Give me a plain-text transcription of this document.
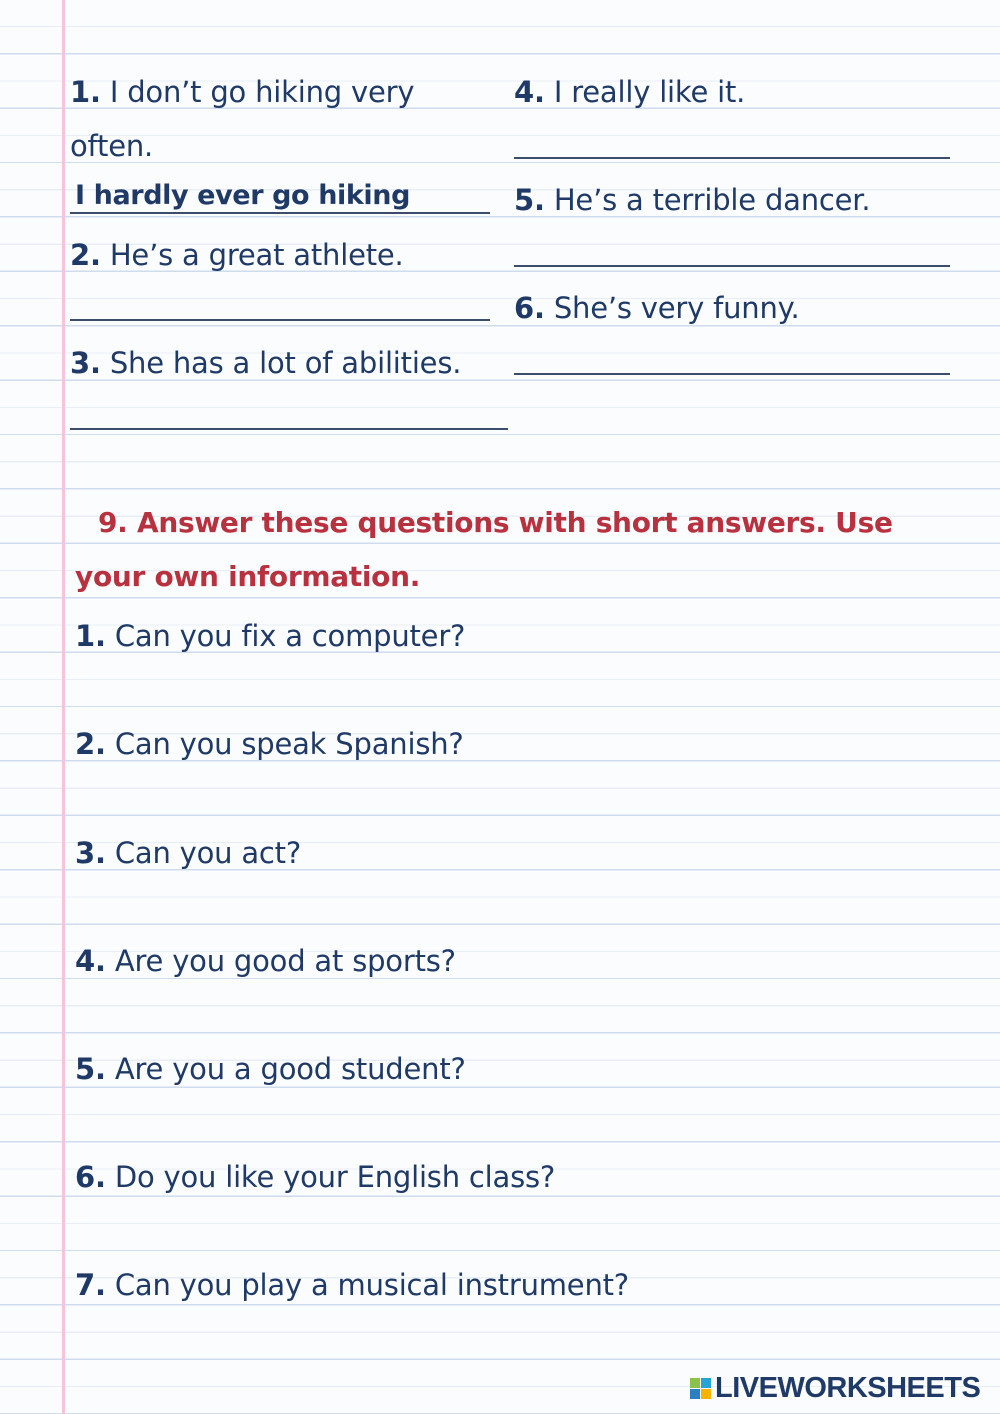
1. I don’t go hiking very
often.
I hardly ever go hiking
2. He’s a great athlete.
3. She has a lot of abilities.
4. I really like it.
5. He’s a terrible dancer.
6. She’s very funny.
9. Answer these questions with short answers. Use
your own information.
1. Can you fix a computer?
2. Can you speak Spanish?
3. Can you act?
4. Are you good at sports?
5. Are you a good student?
6. Do you like your English class?
7. Can you play a musical instrument?
LIVEWORKSHEETS
